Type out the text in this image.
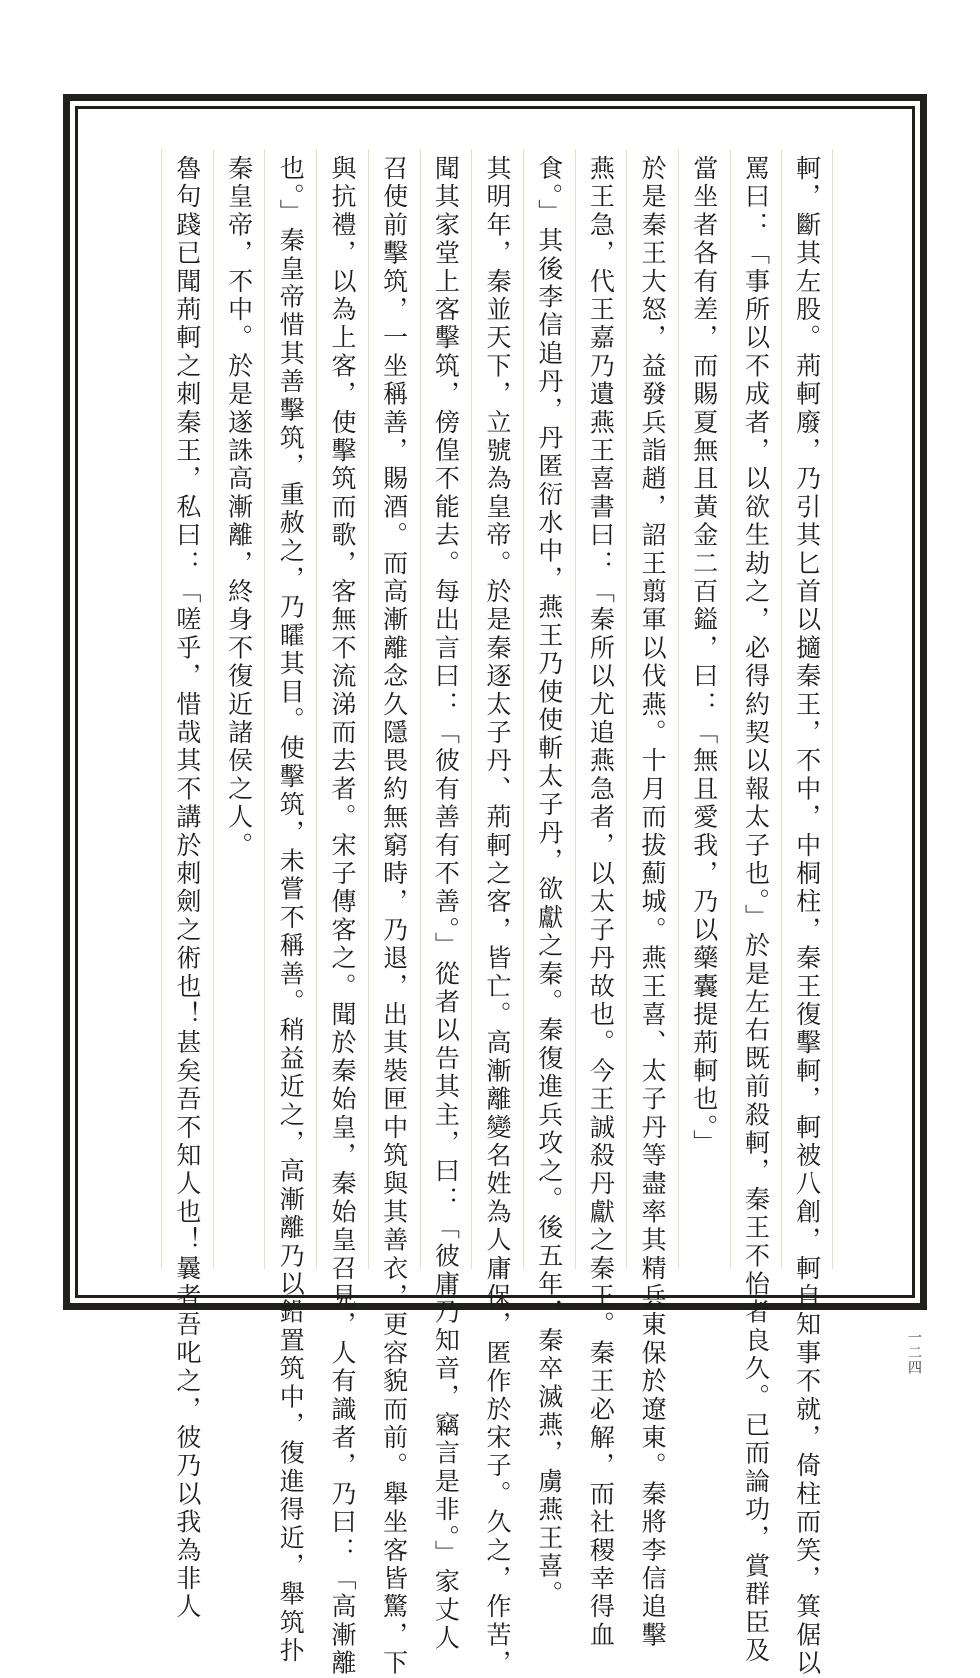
軻，斷其左股。荊軻廢，乃引其匕首以擿秦王，不中，中桐柱，秦王復擊軻，軻被八創，軻自知事不就，倚柱而笑，箕倨以
罵曰：「事所以不成者，以欲生劫之，必得約契以報太子也。」於是左右既前殺軻，秦王不怡者良久。已而論功，賞群臣及
當坐者各有差，而賜夏無且黃金二百鎰，曰：「無且愛我，乃以藥囊提荊軻也。」
於是秦王大怒，益發兵詣趙，詔王翦軍以伐燕。十月而拔薊城。燕王喜、太子丹等盡率其精兵東保於遼東。秦將李信追擊
燕王急，代王嘉乃遺燕王喜書曰：「秦所以尤追燕急者，以太子丹故也。今王誠殺丹獻之秦王。秦王必解，而社稷幸得血
食。」其後李信追丹，丹匿衍水中，燕王乃使使斬太子丹，欲獻之秦。秦復進兵攻之。後五年，秦卒滅燕，虜燕王喜。
其明年，秦並天下，立號為皇帝。於是秦逐太子丹、荊軻之客，皆亡。高漸離變名姓為人庸保，匿作於宋子。久之，作苦，
聞其家堂上客擊筑，傍偟不能去。每出言曰：「彼有善有不善。」從者以告其主，曰：「彼庸乃知音，竊言是非。」家丈人
召使前擊筑，一坐稱善，賜酒。而高漸離念久隱畏約無窮時，乃退，出其裝匣中筑與其善衣，更容貌而前。舉坐客皆驚，下
與抗禮，以為上客，使擊筑而歌，客無不流涕而去者。宋子傳客之。聞於秦始皇，秦始皇召見，人有識者，乃曰：「高漸離
也。」秦皇帝惜其善擊筑，重赦之，乃矐其目。使擊筑，未嘗不稱善。稍益近之，高漸離乃以鉛置筑中，復進得近，舉筑扑
秦皇帝，不中。於是遂誅高漸離，終身不復近諸侯之人。
魯句踐已聞荊軻之刺秦王，私曰：「嗟乎，惜哉其不講於刺劍之術也！甚矣吾不知人也！曩者吾叱之，彼乃以我為非人	一二四
